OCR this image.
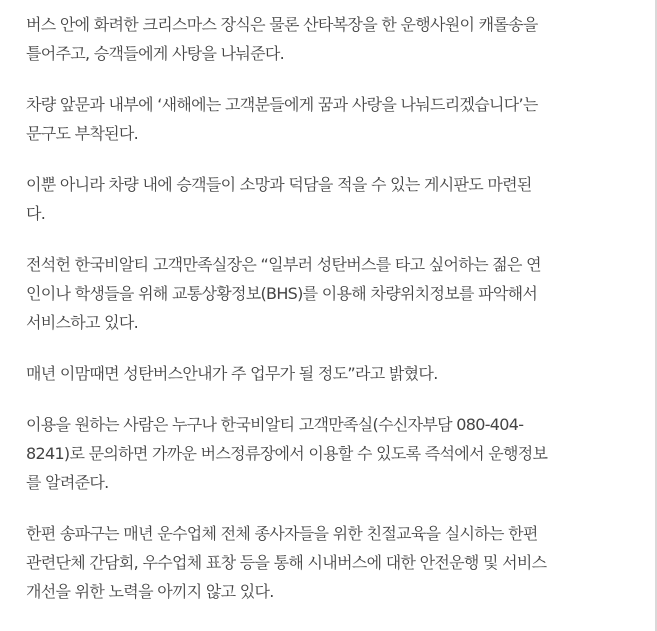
버스 안에 화려한 크리스마스 장식은 물론 산타복장을 한 운행사원이 캐롤송을
틀어주고, 승객들에게 사탕을 나눠준다.

차량 앞문과 내부에 ‘새해에는 고객분들에게 꿈과 사랑을 나눠드리겠습니다’는
문구도 부착된다.

이뿐 아니라 차량 내에 승객들이 소망과 덕담을 적을 수 있는 게시판도 마련된
다.

전석헌 한국비알티 고객만족실장은 “일부러 성탄버스를 타고 싶어하는 젊은 연
인이나 학생들을 위해 교통상황정보(BHS)를 이용해 차량위치정보를 파악해서
서비스하고 있다.

매년 이맘때면 성탄버스안내가 주 업무가 될 정도”라고 밝혔다.

이용을 원하는 사람은 누구나 한국비알티 고객만족실(수신자부담 080-404-
8241)로 문의하면 가까운 버스정류장에서 이용할 수 있도록 즉석에서 운행정보
를 알려준다.

한편 송파구는 매년 운수업체 전체 종사자들을 위한 친절교육을 실시하는 한편
관련단체 간담회, 우수업체 표창 등을 통해 시내버스에 대한 안전운행 및 서비스
개선을 위한 노력을 아끼지 않고 있다.
